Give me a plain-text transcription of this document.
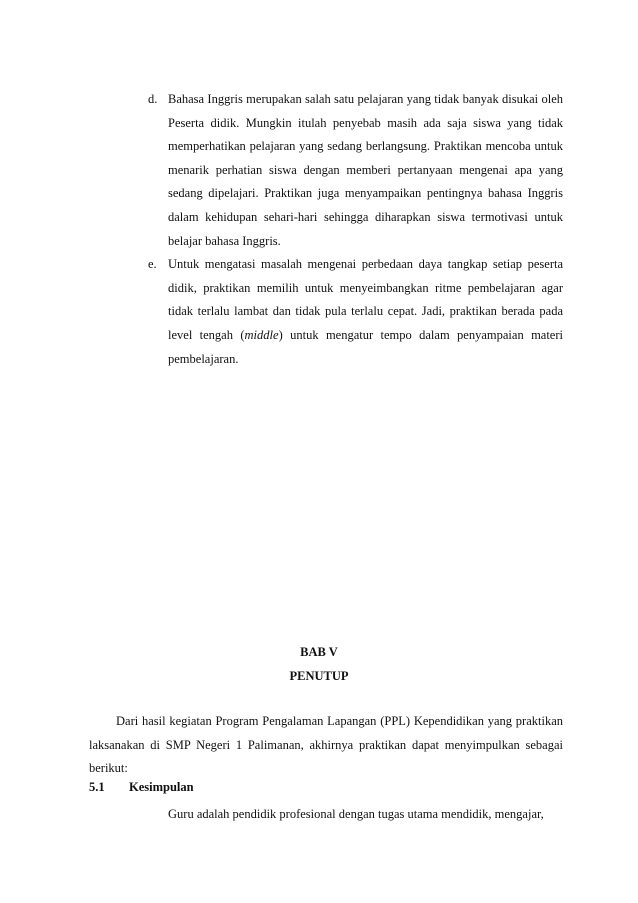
d. Bahasa Inggris merupakan salah satu pelajaran yang tidak banyak disukai oleh Peserta didik. Mungkin itulah penyebab masih ada saja siswa yang tidak memperhatikan pelajaran yang sedang berlangsung. Praktikan mencoba untuk menarik perhatian siswa dengan memberi pertanyaan mengenai apa yang sedang dipelajari. Praktikan juga menyampaikan pentingnya bahasa Inggris dalam kehidupan sehari-hari sehingga diharapkan siswa termotivasi untuk belajar bahasa Inggris.
e. Untuk mengatasi masalah mengenai perbedaan daya tangkap setiap peserta didik, praktikan memilih untuk menyeimbangkan ritme pembelajaran agar tidak terlalu lambat dan tidak pula terlalu cepat. Jadi, praktikan berada pada level tengah (middle) untuk mengatur tempo dalam penyampaian materi pembelajaran.
BAB V
PENUTUP

Dari hasil kegiatan Program Pengalaman Lapangan (PPL) Kependidikan yang praktikan laksanakan di SMP Negeri 1 Palimanan, akhirnya praktikan dapat menyimpulkan sebagai berikut:

5.1 Kesimpulan

Guru adalah pendidik profesional dengan tugas utama mendidik, mengajar,
